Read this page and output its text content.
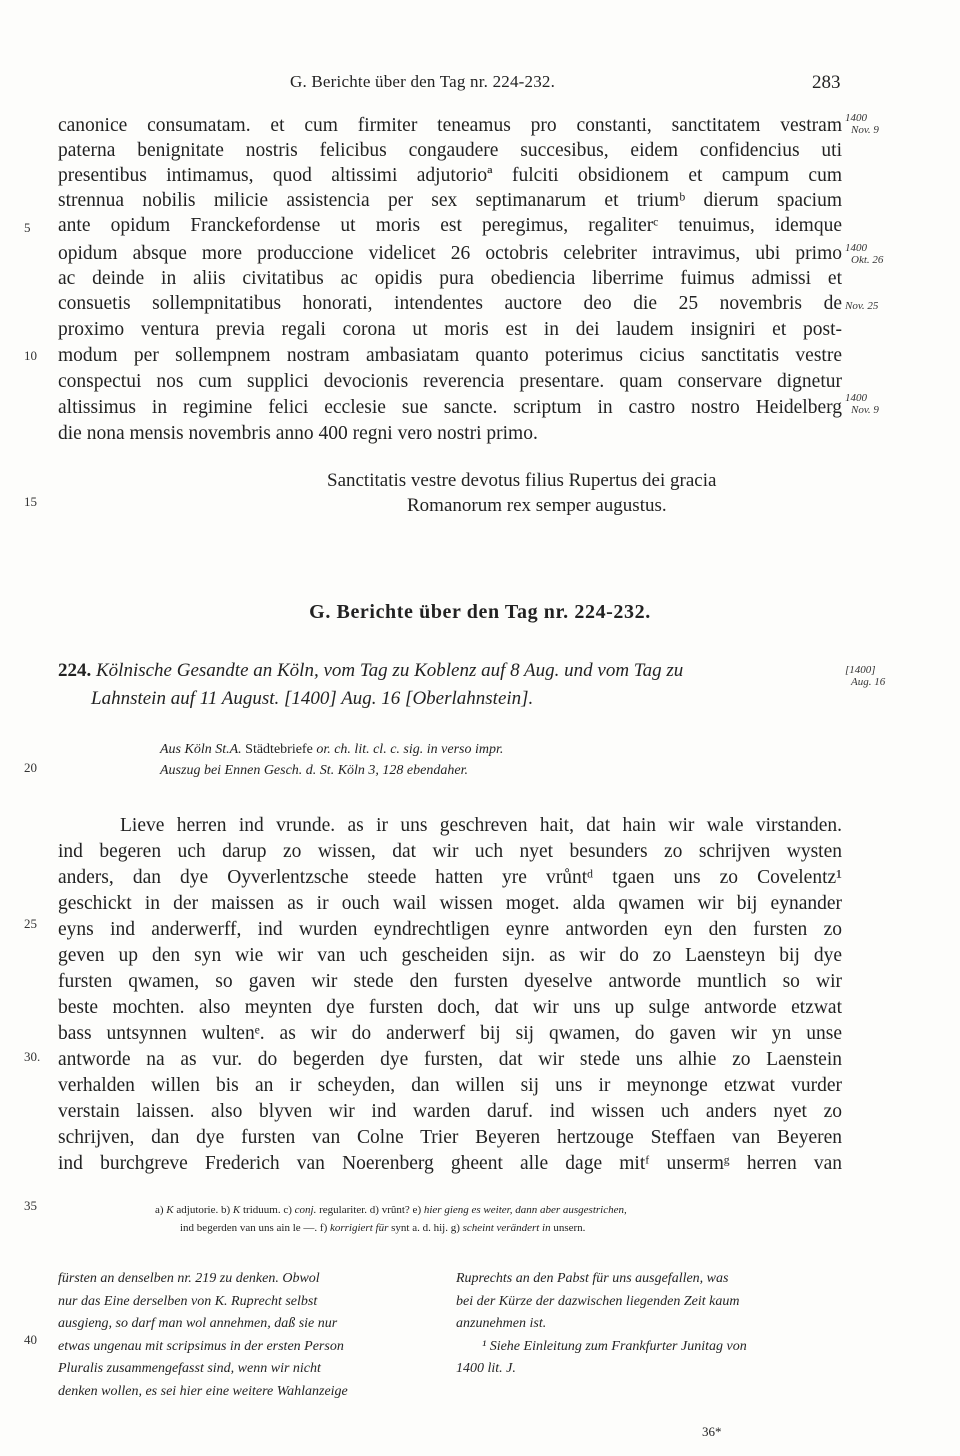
G. Berichte über den Tag nr. 224-232.	283
canonice consumatam. et cum firmiter teneamus pro constanti, sanctitatem vestram
paterna benignitate nostris felicibus congaudere succesibus, eidem confidencius uti
presentibus intimamus, quod altissimi adjutorioª fulciti obsidionem et campum cum
strennua nobilis milicie assistencia per sex septimanarum et triumᵇ dierum spacium
ante opidum Franckefordense ut moris est peregimus, regaliterᶜ tenuimus, idemque
opidum absque more produccione videlicet 26 octobris celebriter intravimus, ubi primo
ac deinde in aliis civitatibus ac opidis pura obediencia liberrime fuimus admissi et
consuetis sollempnitatibus honorati, intendentes auctore deo die 25 novembris de
proximo ventura previa regali corona ut moris est in dei laudem insigniri et post-
modum per sollempnem nostram ambasiatam quanto poterimus cicius sanctitatis vestre
conspectui nos cum supplici devocionis reverencia presentare. quam conservare dignetur
altissimus in regimine felici ecclesie sue sancte. scriptum in castro nostro Heidelberg
die nona mensis novembris anno 400 regni vero nostri primo.
5
10
15
20
25
30.
35
40
1400
Nov. 9
1400
Okt. 26
Nov. 25
1400
Nov. 9
[1400]
Aug. 16
Sanctitatis vestre devotus filius Rupertus dei gracia
Romanorum rex semper augustus.
G. Berichte über den Tag nr. 224-232.
224. Kölnische Gesandte an Köln, vom Tag zu Koblenz auf 8 Aug. und vom Tag zu
Lahnstein auf 11 August. [1400] Aug. 16 [Oberlahnstein].
Aus Köln St.A. Städtebriefe or. ch. lit. cl. c. sig. in verso impr.
Auszug bei Ennen Gesch. d. St. Köln 3, 128 ebendaher.
Lieve herren ind vrunde. as ir uns geschreven hait, dat hain wir wale virstanden.
ind begeren uch darup zo wissen, dat wir uch nyet besunders zo schrijven wysten
anders, dan dye Oyverlentzsche steede hatten yre vrůntᵈ tgaen uns zo Covelentz¹
geschickt in der maissen as ir ouch wail wissen moget. alda qwamen wir bij eynander
eyns ind anderwerff, ind wurden eyndrechtligen eynre antworden eyn den fursten zo
geven up den syn wie wir van uch gescheiden sijn. as wir do zo Laensteyn bij dye
fursten qwamen, so gaven wir stede den fursten dyeselve antworde muntlich so wir
beste mochten. also meynten dye fursten doch, dat wir uns up sulge antworde etzwat
bass untsynnen wultenᵉ. as wir do anderwerf bij sij qwamen, do gaven wir yn unse
antworde na as vur. do begerden dye fursten, dat wir stede uns alhie zo Laenstein
verhalden willen bis an ir scheyden, dan willen sij uns ir meynonge etzwat vurder
verstain laissen. also blyven wir ind warden daruf. ind wissen uch anders nyet zo
schrijven, dan dye fursten van Colne Trier Beyeren hertzouge Steffaen van Beyeren
ind burchgreve Frederich van Noerenberg gheent alle dage mitᶠ unsermᵍ herren van
a) K adjutorie. b) K triduum. c) conj. regulariter. d) vrûnt? e) hier gieng es weiter, dann aber ausgestrichen,
ind begerden van uns ain le —. f) korrigiert für synt a. d. hij. g) scheint verändert in unsern.
fürsten an denselben nr. 219 zu denken. Obwol
nur das Eine derselben von K. Ruprecht selbst
ausgieng, so darf man wol annehmen, daß sie nur
etwas ungenau mit scripsimus in der ersten Person
Pluralis zusammengefasst sind, wenn wir nicht
denken wollen, es sei hier eine weitere Wahlanzeige
Ruprechts an den Pabst für uns ausgefallen, was
bei der Kürze der dazwischen liegenden Zeit kaum
anzunehmen ist.
¹ Siehe Einleitung zum Frankfurter Junitag von
1400 lit. J.
36*
